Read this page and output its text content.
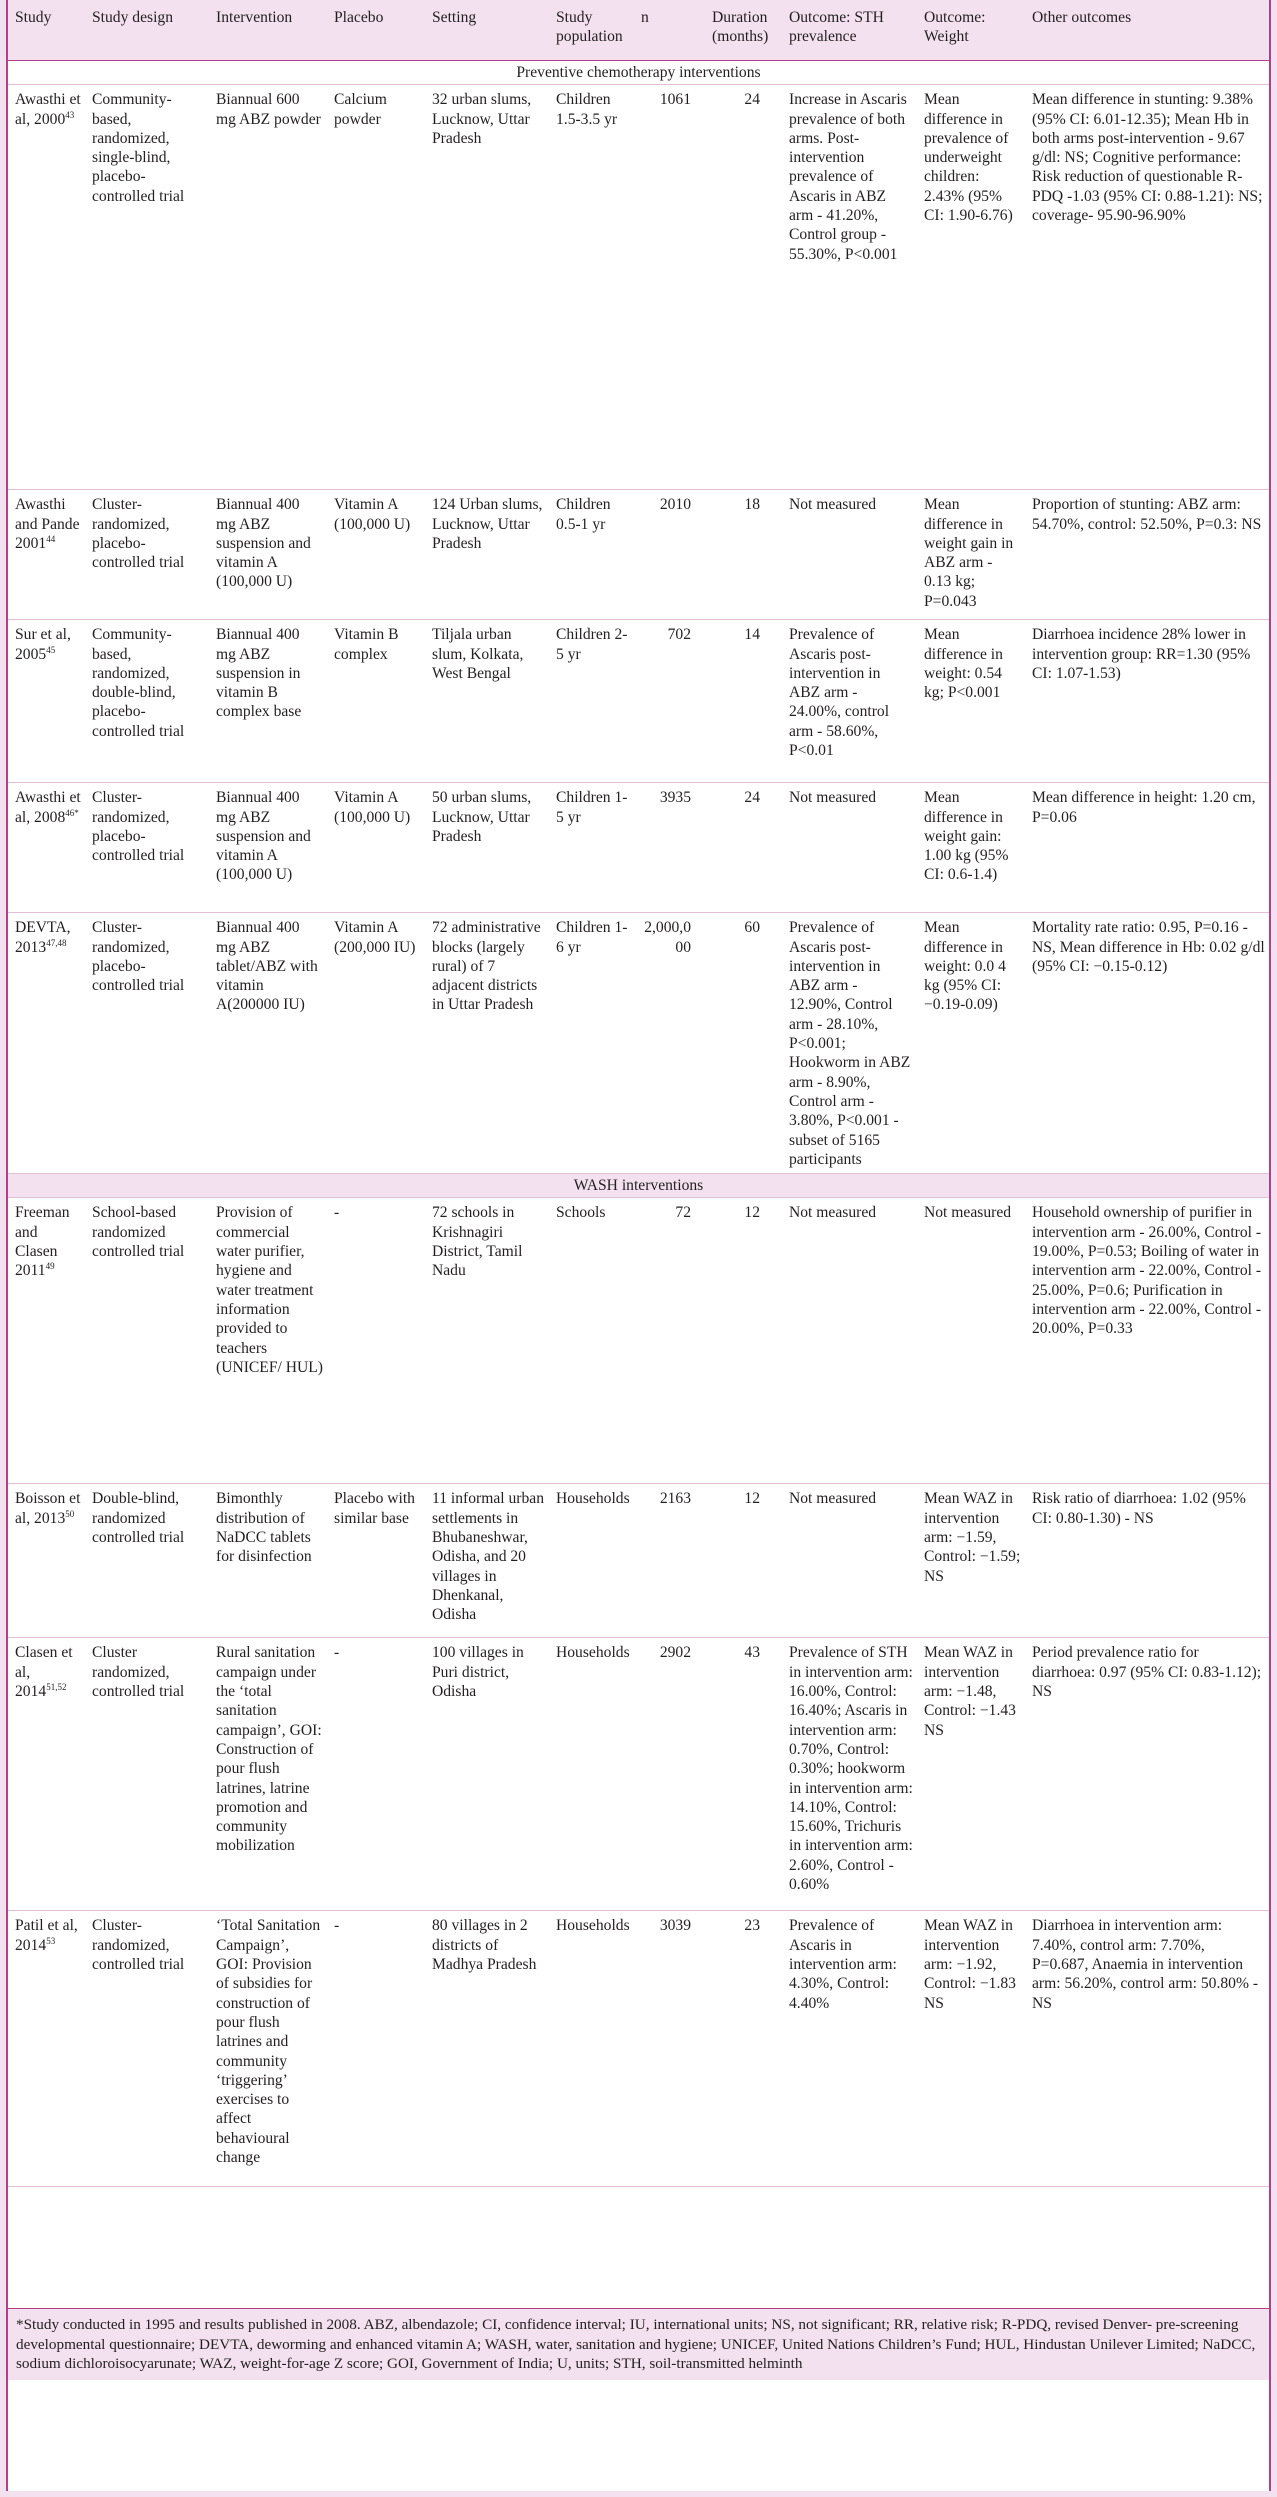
Study	Study design	Intervention	Placebo	Setting	Study population	n	Duration (months)	Outcome: STH prevalence	Outcome: Weight	Other outcomes
Preventive chemotherapy interventions										
Awasthi et al, 2000$^{43}$	Community-based, randomized, single-blind, placebo-controlled trial	Biannual 600 mg ABZ powder	Calcium powder	32 urban slums, Lucknow, Uttar Pradesh	Children 1.5-3.5 yr	1061	24	Increase in Ascaris prevalence of both arms. Post-intervention prevalence of Ascaris in ABZ arm - 41.20%, Control group - 55.30%, P<0.001	Mean difference in prevalence of underweight children: 2.43% (95% CI: 1.90-6.76)	Mean difference in stunting: 9.38% (95% CI: 6.01-12.35); Mean Hb in both arms post-intervention - 9.67 g/dl: NS; Cognitive performance: Risk reduction of questionable R-PDQ -1.03 (95% CI: 0.88-1.21): NS; coverage- 95.90-96.90%
Awasthi and Pande 2001$^{44}$	Cluster-randomized, placebo-controlled trial	Biannual 400 mg ABZ suspension and vitamin A (100,000 U)	Vitamin A (100,000 U)	124 Urban slums, Lucknow, Uttar Pradesh	Children 0.5-1 yr	2010	18	Not measured	Mean difference in weight gain in ABZ arm - 0.13 kg; P=0.043	Proportion of stunting: ABZ arm: 54.70%, control: 52.50%, P=0.3: NS
Sur et al, 2005$^{45}$	Community-based, randomized, double-blind, placebo-controlled trial	Biannual 400 mg ABZ suspension in vitamin B complex base	Vitamin B complex	Tiljala urban slum, Kolkata, West Bengal	Children 2-5 yr	702	14	Prevalence of Ascaris post-intervention in ABZ arm - 24.00%, control arm - 58.60%, P<0.01	Mean difference in weight: 0.54 kg; P<0.001	Diarrhoea incidence 28% lower in intervention group: RR=1.30 (95% CI: 1.07-1.53)
Awasthi et al, $2008^{46*}$	Cluster-randomized, placebo-controlled trial	Biannual 400 mg ABZ suspension and vitamin A (100,000 U)	Vitamin A (100,000 U)	50 urban slums, Lucknow, Uttar Pradesh	Children 1-5 yr	3935	24	Not measured	Mean difference in weight gain: 1.00 kg (95% CI: 0.6-1.4)	Mean difference in height: 1.20 cm, P=0.06
DEVTA, 2013$^{47,48}$	Cluster-randomized, placebo-controlled trial	Biannual 400 mg ABZ tablet/ABZ with vitamin A(200000 IU)	Vitamin A (200,000 IU)	72 administrative blocks (largely rural) of 7 adjacent districts in Uttar Pradesh	Children 1-6 yr	2,000,000	60	Prevalence of Ascaris post-intervention in ABZ arm - 12.90%, Control arm - 28.10%, P<0.001; Hookworm in ABZ arm - 8.90%, Control arm - 3.80%, P<0.001 - subset of 5165 participants	Mean difference in weight: 0.0 4 kg (95% CI: −0.19-0.09)	Mortality rate ratio: 0.95, P=0.16 - NS, Mean difference in Hb: 0.02 g/dl (95% CI: −0.15-0.12)
WASH interventions										
Freeman and Clasen 2011$^{49}$	School-based randomized controlled trial	Provision of commercial water purifier, hygiene and water treatment information provided to teachers (UNICEF/ HUL)	-	72 schools in Krishnagiri District, Tamil Nadu	Schools	72	12	Not measured	Not measured	Household ownership of purifier in intervention arm - 26.00%, Control - 19.00%, P=0.53; Boiling of water in intervention arm - 22.00%, Control - 25.00%, P=0.6; Purification in intervention arm - 22.00%, Control - 20.00%, P=0.33
Boisson et al, 2013$^{50}$	Double-blind, randomized controlled trial	Bimonthly distribution of NaDCC tablets for disinfection	Placebo with similar base	11 informal urban settlements in Bhubaneshwar, Odisha, and 20 villages in Dhenkanal, Odisha	Households	2163	12	Not measured	Mean WAZ in intervention arm: −1.59, Control: −1.59; NS	Risk ratio of diarrhoea: 1.02 (95% CI: 0.80-1.30) - NS
Clasen et al, 2014$^{51,52}$	Cluster randomized, controlled trial	Rural sanitation campaign under the ‘total sanitation campaign’, GOI: Construction of pour flush latrines, latrine promotion and community mobilization	-	100 villages in Puri district, Odisha	Households	2902	43	Prevalence of STH in intervention arm: 16.00%, Control: 16.40%; Ascaris in intervention arm: 0.70%, Control: 0.30%; hookworm in intervention arm: 14.10%, Control: 15.60%, Trichuris in intervention arm: 2.60%, Control - 0.60%	Mean WAZ in intervention arm: −1.48, Control: −1.43 NS	Period prevalence ratio for diarrhoea: 0.97 (95% CI: 0.83-1.12); NS
Patil et al, 2014$^{53}$	Cluster-randomized, controlled trial	‘Total Sanitation Campaign’, GOI: Provision of subsidies for construction of pour flush latrines and community ‘triggering’ exercises to affect behavioural change	-	80 villages in 2 districts of Madhya Pradesh	Households	3039	23	Prevalence of Ascaris in intervention arm: 4.30%, Control: 4.40%	Mean WAZ in intervention arm: −1.92, Control: −1.83 NS	Diarrhoea in intervention arm: 7.40%, control arm: 7.70%, P=0.687, Anaemia in intervention arm: 56.20%, control arm: 50.80% - NS
*Study conducted in 1995 and results published in 2008. ABZ, albendazole; CI, confidence interval; IU, international units; NS, not significant; RR, relative risk; R-PDQ, revised Denver- pre-screening developmental questionnaire; DEVTA, deworming and enhanced vitamin A; WASH, water, sanitation and hygiene; UNICEF, United Nations Children’s Fund; HUL, Hindustan Unilever Limited; NaDCC, sodium dichloroisocyarunate; WAZ, weight-for-age Z score; GOI, Government of India; U, units; STH, soil-transmitted helminth
